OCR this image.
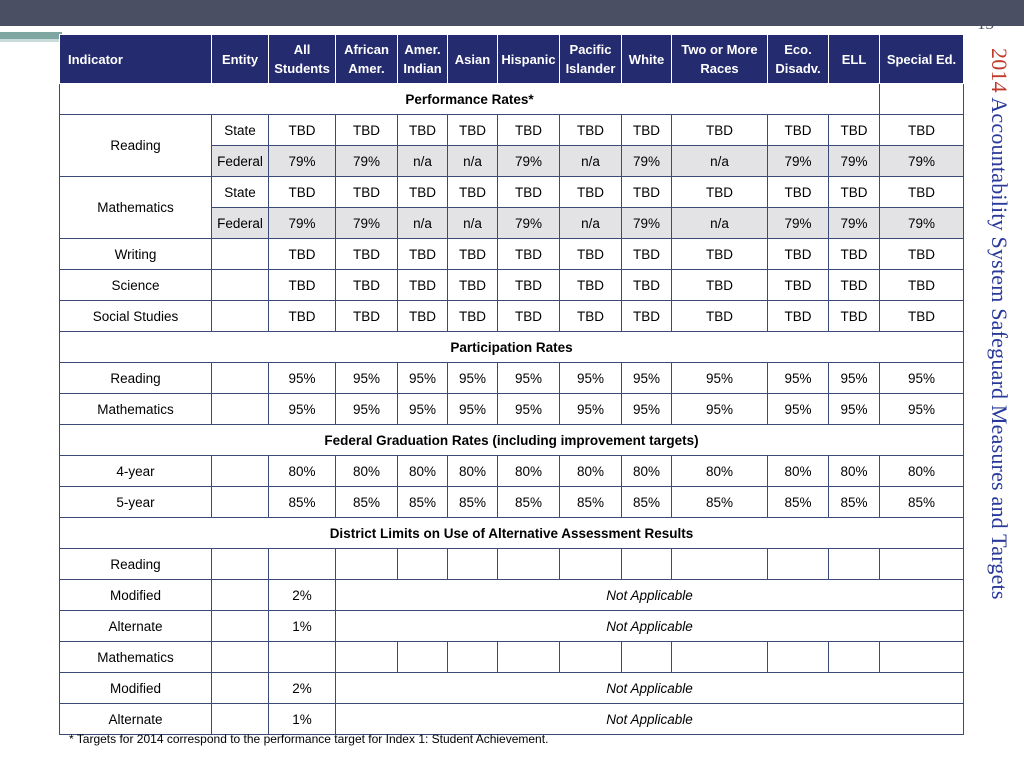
13
2014 Accountability System Safeguard Measures and Targets
Indicator	Entity	All Students	African Amer.	Amer. Indian	Asian	Hispanic	Pacific Islander	White	Two or More Races	Eco. Disadv.	ELL	Special Ed.
Performance Rates*												
Reading	State	TBD	TBD	TBD	TBD	TBD	TBD	TBD	TBD	TBD	TBD	TBD
	Federal	79%	79%	n/a	n/a	79%	n/a	79%	n/a	79%	79%	79%
Mathematics	State	TBD	TBD	TBD	TBD	TBD	TBD	TBD	TBD	TBD	TBD	TBD
	Federal	79%	79%	n/a	n/a	79%	n/a	79%	n/a	79%	79%	79%
Writing		TBD	TBD	TBD	TBD	TBD	TBD	TBD	TBD	TBD	TBD	TBD
Science		TBD	TBD	TBD	TBD	TBD	TBD	TBD	TBD	TBD	TBD	TBD
Social Studies		TBD	TBD	TBD	TBD	TBD	TBD	TBD	TBD	TBD	TBD	TBD
Participation Rates												
Reading		95%	95%	95%	95%	95%	95%	95%	95%	95%	95%	95%
Mathematics		95%	95%	95%	95%	95%	95%	95%	95%	95%	95%	95%
Federal Graduation Rates (including improvement targets)												
4-year		80%	80%	80%	80%	80%	80%	80%	80%	80%	80%	80%
5-year		85%	85%	85%	85%	85%	85%	85%	85%	85%	85%	85%
District Limits on Use of Alternative Assessment Results												
Reading												
Modified		2%	Not Applicable									
Alternate		1%	Not Applicable									
Mathematics												
Modified		2%	Not Applicable									
Alternate		1%	Not Applicable									
* Targets for 2014 correspond to the performance target for Index 1: Student Achievement.
